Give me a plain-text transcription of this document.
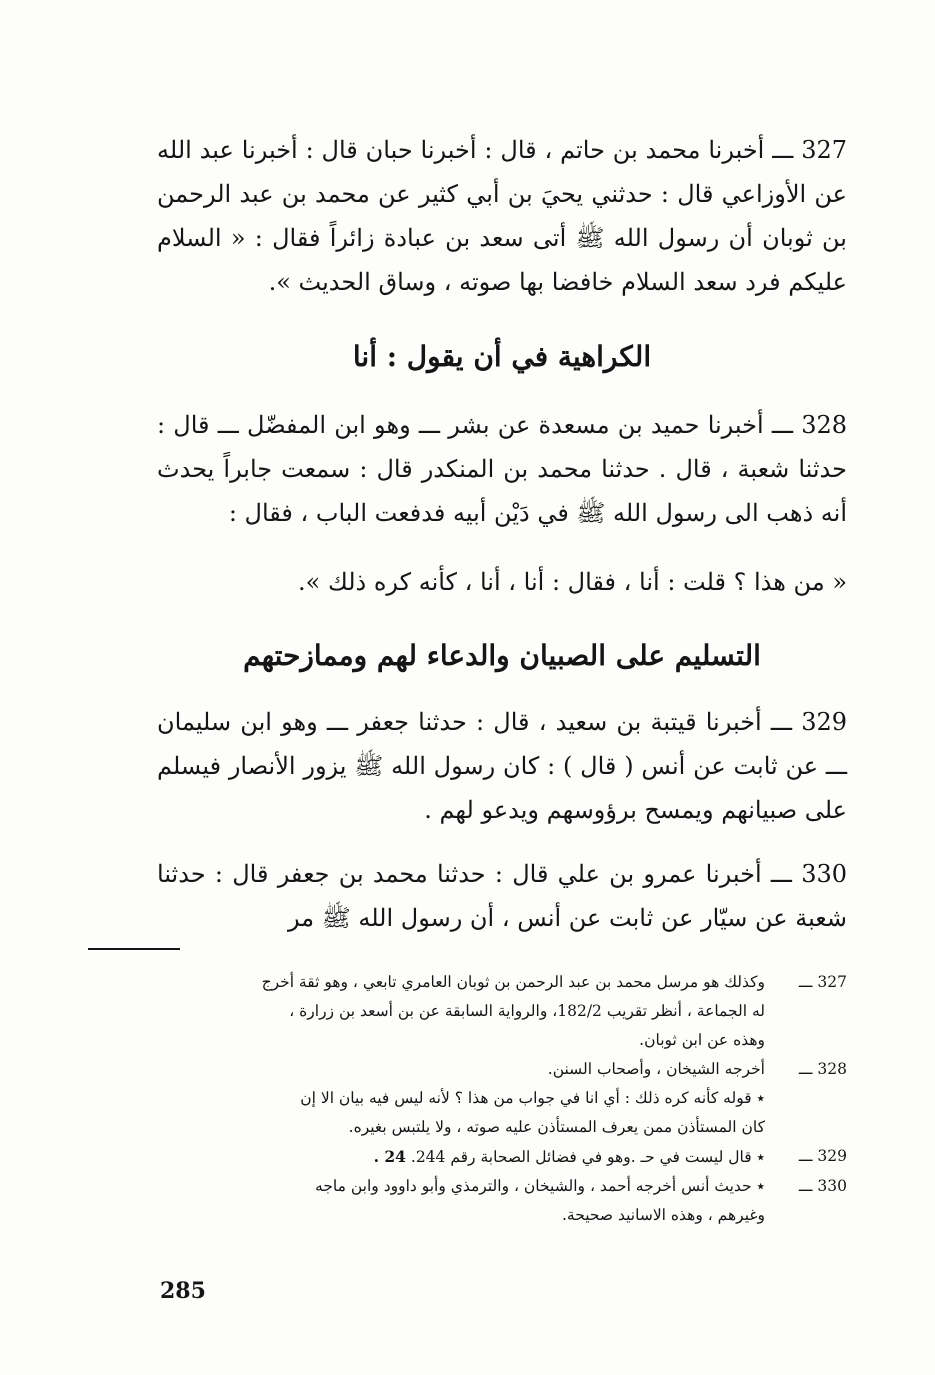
327 ـــ أخبرنا محمد بن حاتم ، قال : أخبرنا حبان قال : أخبرنا عبد الله عن الأوزاعي قال : حدثني يحيَ بن أبي كثير عن محمد بن عبد الرحمن بن ثوبان أن رسول الله ﷺ أتى سعد بن عبادة زائراً فقال : « السلام عليكم فرد سعد السلام خافضا بها صوته ، وساق الحديث ».

الكراهية في أن يقول : أنا

328 ـــ أخبرنا حميد بن مسعدة عن بشر ـــ وهو ابن المفضّل ـــ قال : حدثنا شعبة ، قال . حدثنا محمد بن المنكدر قال : سمعت جابراً يحدث أنه ذهب الى رسول الله ﷺ في دَيْن أبيه فدفعت الباب ، فقال :

« من هذا ؟ قلت : أنا ، فقال : أنا ، أنا ، كأنه كره ذلك ».

التسليم على الصبيان والدعاء لهم وممازحتهم

329 ـــ أخبرنا قيتبة بن سعيد ، قال : حدثنا جعفر ـــ وهو ابن سليمان ـــ عن ثابت عن أنس ( قال ) : كان رسول الله ﷺ يزور الأنصار فيسلم على صبيانهم ويمسح برؤوسهم ويدعو لهم .

330 ـــ أخبرنا عمرو بن علي قال : حدثنا محمد بن جعفر قال : حدثنا شعبة عن سيّار عن ثابت عن أنس ، أن رسول الله ﷺ مر

327 ـــ
وكذلك هو مرسل محمد بن عبد الرحمن بن ثوبان العامري تابعي ، وهو ثقة أخرج

له الجماعة ، أنظر تقريب 182/2، والرواية السابقة عن بن أسعد بن زرارة ،

وهذه عن ابن ثوبان.

328 ـــ
أخرجه الشيخان ، وأصحاب السنن.

٭ قوله كأنه كره ذلك : أي انا في جواب من هذا ؟ لأنه ليس فيه بيان الا إن

كان المستأذن ممن يعرف المستأذن عليه صوته ، ولا يلتبس بغيره.

329 ـــ
٭ قال ليست في حـ .وهو في فضائل الصحابة رقم 244. 24 .

330 ـــ
٭ حديث أنس أخرجه أحمد ، والشيخان ، والترمذي وأبو داوود وابن ماجه

وغيرهم ، وهذه الاسانيد صحيحة.

285
